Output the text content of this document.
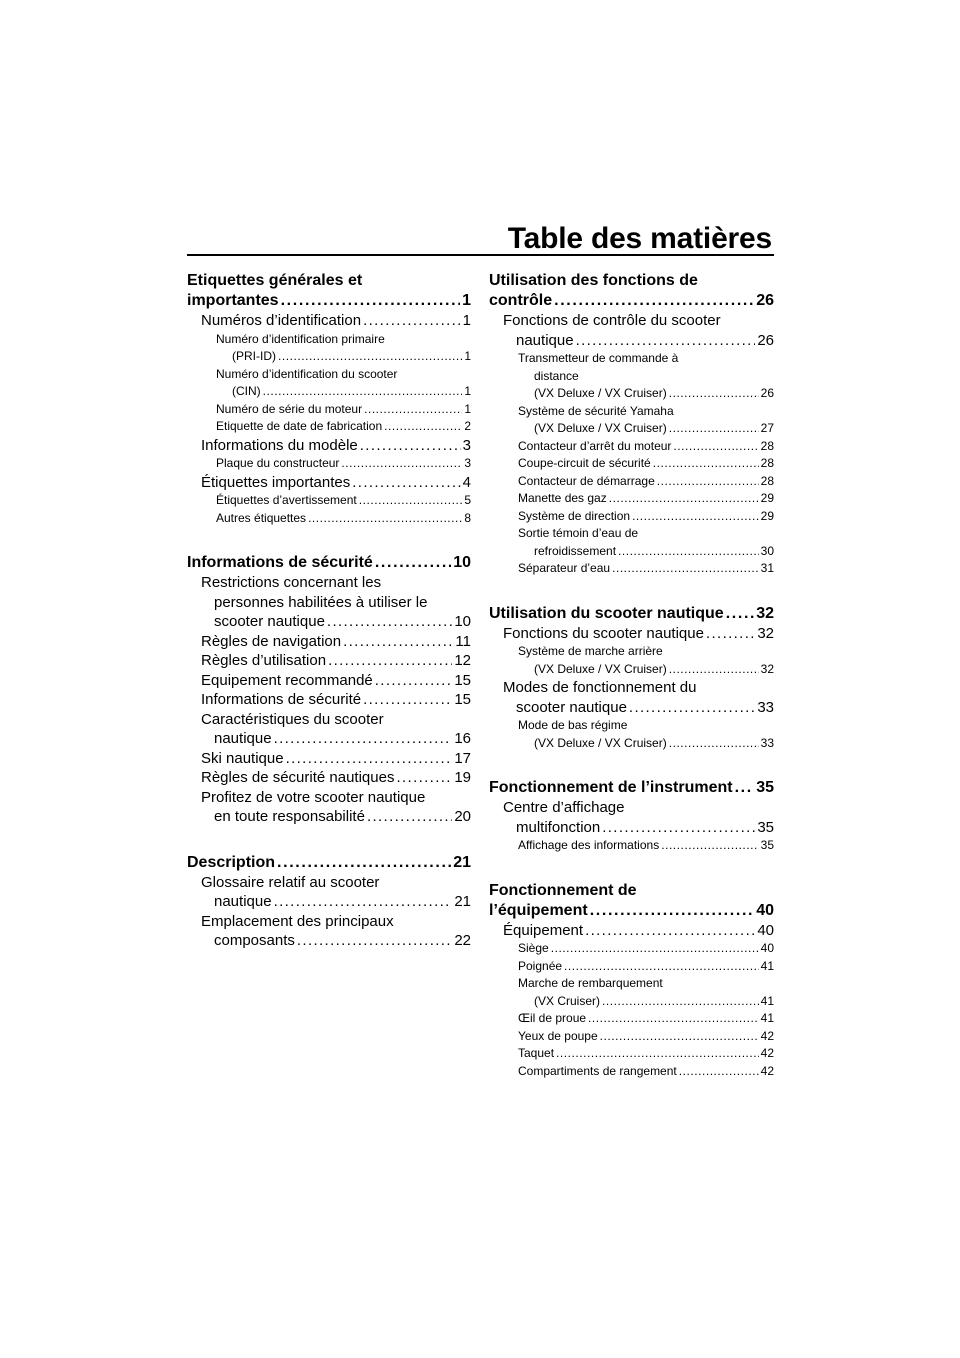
Table des matières
Etiquettes générales et
importantes . . .	1
Numéros d’identification . . .	1
Numéro d’identification primaire
(PRI-ID) . . .	1
Numéro d’identification du scooter
(CIN) . . .	1
Numéro de série du moteur . . .	1
Etiquette de date de fabrication . . .	2
Informations du modèle . . .	3
Plaque du constructeur . . .	3
Étiquettes importantes . . .	4
Étiquettes d’avertissement . . .	5
Autres étiquettes . . .	8
Informations de sécurité . . .	10
Restrictions concernant les
personnes habilitées à utiliser le
scooter nautique . . .	10
Règles de navigation . . .	11
Règles d’utilisation . . .	12
Equipement recommandé . . .	15
Informations de sécurité . . .	15
Caractéristiques du scooter
nautique . . .	16
Ski nautique . . .	17
Règles de sécurité nautiques . . .	19
Profitez de votre scooter nautique
en toute responsabilité . . .	20
Description . . .	21
Glossaire relatif au scooter
nautique . . .	21
Emplacement des principaux
composants . . .	22
Utilisation des fonctions de
contrôle . . .	26
Fonctions de contrôle du scooter
nautique . . .	26
Transmetteur de commande à
distance
(VX Deluxe / VX Cruiser) . . .	26
Système de sécurité Yamaha
(VX Deluxe / VX Cruiser) . . .	27
Contacteur d’arrêt du moteur . . .	28
Coupe-circuit de sécurité . . .	28
Contacteur de démarrage . . .	28
Manette des gaz . . .	29
Système de direction . . .	29
Sortie témoin d’eau de
refroidissement . . .	30
Séparateur d’eau . . .	31
Utilisation du scooter nautique . . . 32
Fonctions du scooter nautique . . .	32
Système de marche arrière
(VX Deluxe / VX Cruiser) . . .	32
Modes de fonctionnement du
scooter nautique . . .	33
Mode de bas régime
(VX Deluxe / VX Cruiser) . . .	33
Fonctionnement de l’instrument . . . 35
Centre d’affichage
multifonction . . .	35
Affichage des informations . . .	35
Fonctionnement de
l’équipement . . .	40
Équipement . . .	40
Siège . . .	40
Poignée . . .	41
Marche de rembarquement
(VX Cruiser) . . .	41
Œil de proue . . .	41
Yeux de poupe . . .	42
Taquet . . .	42
Compartiments de rangement . . .	42
